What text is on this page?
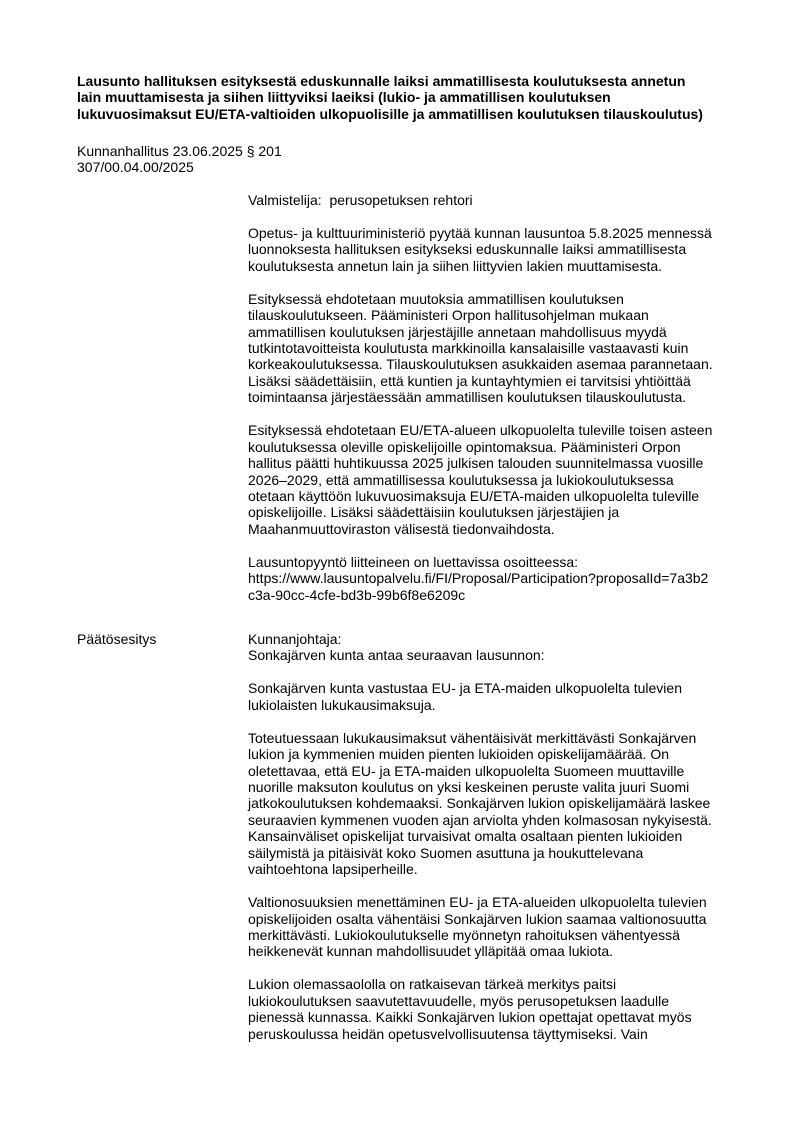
Lausunto hallituksen esityksestä eduskunnalle laiksi ammatillisesta koulutuksesta annetun
lain muuttamisesta ja siihen liittyviksi laeiksi (lukio- ja ammatillisen koulutuksen
lukuvuosimaksut EU/ETA-valtioiden ulkopuolisille ja ammatillisen koulutuksen tilauskoulutus)
Kunnanhallitus 23.06.2025 § 201
307/00.04.00/2025

Valmistelija: perusopetuksen rehtori

Opetus- ja kulttuuriministeriö pyytää kunnan lausuntoa 5.8.2025 mennessä
luonnoksesta hallituksen esitykseksi eduskunnalle laiksi ammatillisesta
koulutuksesta annetun lain ja siihen liittyvien lakien muuttamisesta.

Esityksessä ehdotetaan muutoksia ammatillisen koulutuksen
tilauskoulutukseen. Pääministeri Orpon hallitusohjelman mukaan
ammatillisen koulutuksen järjestäjille annetaan mahdollisuus myydä
tutkintotavoitteista koulutusta markkinoilla kansalaisille vastaavasti kuin
korkeakoulutuksessa. Tilauskoulutuksen asukkaiden asemaa parannetaan.
Lisäksi säädettäisiin, että kuntien ja kuntayhtymien ei tarvitsisi yhtiöittää
toimintaansa järjestäessään ammatillisen koulutuksen tilauskoulutusta.

Esityksessä ehdotetaan EU/ETA-alueen ulkopuolelta tuleville toisen asteen
koulutuksessa oleville opiskelijoille opintomaksua. Pääministeri Orpon
hallitus päätti huhtikuussa 2025 julkisen talouden suunnitelmassa vuosille
2026–2029, että ammatillisessa koulutuksessa ja lukiokoulutuksessa
otetaan käyttöön lukuvuosimaksuja EU/ETA-maiden ulkopuolelta tuleville
opiskelijoille. Lisäksi säädettäisiin koulutuksen järjestäjien ja
Maahanmuuttoviraston välisestä tiedonvaihdosta.

Lausuntopyyntö liitteineen on luettavissa osoitteessa:
https://www.lausuntopalvelu.fi/FI/Proposal/Participation?proposalId=7a3b2
c3a-90cc-4cfe-bd3b-99b6f8e6209c

Päätösesitys	Kunnanjohtaja:
Sonkajärven kunta antaa seuraavan lausunnon:

Sonkajärven kunta vastustaa EU- ja ETA-maiden ulkopuolelta tulevien
lukiolaisten lukukausimaksuja.

Toteutuessaan lukukausimaksut vähentäisivät merkittävästi Sonkajärven
lukion ja kymmenien muiden pienten lukioiden opiskelijamäärää. On
oletettavaa, että EU- ja ETA-maiden ulkopuolelta Suomeen muuttaville
nuorille maksuton koulutus on yksi keskeinen peruste valita juuri Suomi
jatkokoulutuksen kohdemaaksi. Sonkajärven lukion opiskelijamäärä laskee
seuraavien kymmenen vuoden ajan arviolta yhden kolmasosan nykyisestä.
Kansainväliset opiskelijat turvaisivat omalta osaltaan pienten lukioiden
säilymistä ja pitäisivät koko Suomen asuttuna ja houkuttelevana
vaihtoehtona lapsiperheille.

Valtionosuuksien menettäminen EU- ja ETA-alueiden ulkopuolelta tulevien
opiskelijoiden osalta vähentäisi Sonkajärven lukion saamaa valtionosuutta
merkittävästi. Lukiokoulutukselle myönnetyn rahoituksen vähentyessä
heikkenevät kunnan mahdollisuudet ylläpitää omaa lukiota.

Lukion olemassaololla on ratkaisevan tärkeä merkitys paitsi
lukiokoulutuksen saavutettavuudelle, myös perusopetuksen laadulle
pienessä kunnassa. Kaikki Sonkajärven lukion opettajat opettavat myös
peruskoulussa heidän opetusvelvollisuutensa täyttymiseksi. Vain
